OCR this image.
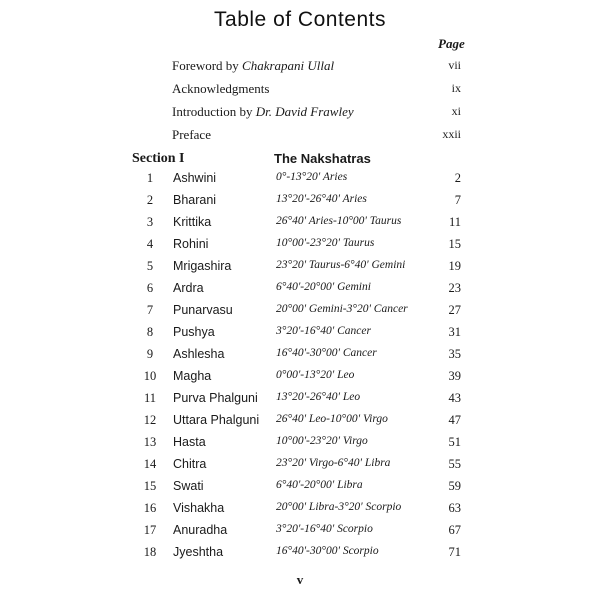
Table of Contents
Page
Foreword by Chakrapani Ullal	vii
Acknowledgments	ix
Introduction by Dr. David Frawley	xi
Preface	xxii
Section I	The Nakshatras
1	Ashwini	0°-13°20' Aries	2
2	Bharani	13°20'-26°40' Aries	7
3	Krittika	26°40' Aries-10°00' Taurus	11
4	Rohini	10°00'-23°20' Taurus	15
5	Mrigashira	23°20' Taurus-6°40' Gemini	19
6	Ardra	6°40'-20°00' Gemini	23
7	Punarvasu	20°00' Gemini-3°20' Cancer	27
8	Pushya	3°20'-16°40' Cancer	31
9	Ashlesha	16°40'-30°00' Cancer	35
10	Magha	0°00'-13°20' Leo	39
11	Purva Phalguni 13°20'-26°40' Leo	43
12	Uttara Phalguni 26°40' Leo-10°00' Virgo	47
13	Hasta	10°00'-23°20' Virgo	51
14	Chitra	23°20' Virgo-6°40' Libra	55
15	Swati	6°40'-20°00' Libra	59
16	Vishakha	20°00' Libra-3°20' Scorpio	63
17	Anuradha	3°20'-16°40' Scorpio	67
18	Jyeshtha	16°40'-30°00' Scorpio	71
v
